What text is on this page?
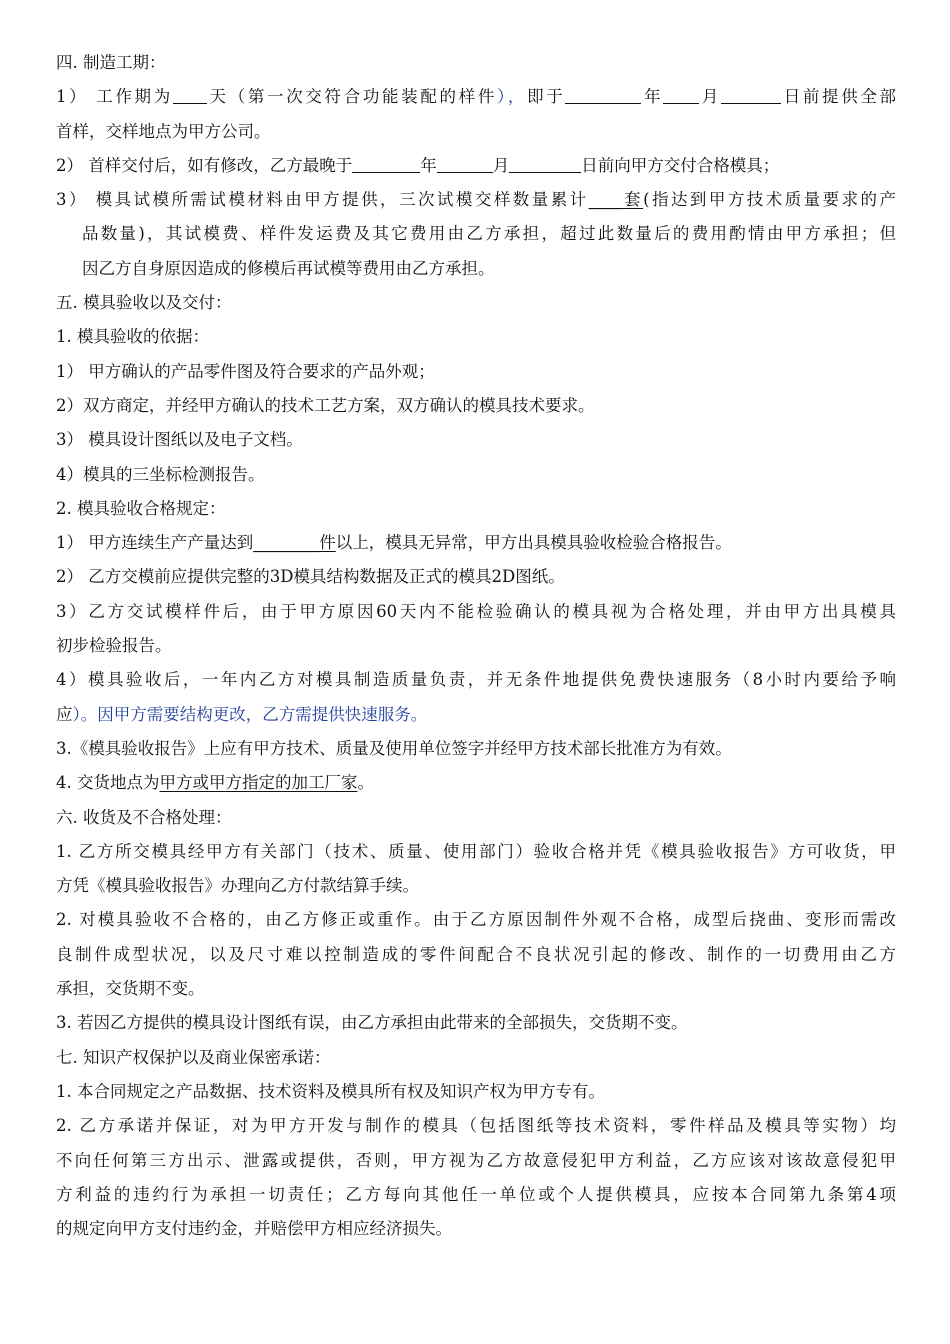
四. 制造工期：
1） 工作期为 天（第一次交符合功能装配的样件），即于	年 月	日前提供全部
首样，交样地点为甲方公司。
2） 首样交付后，如有修改，乙方最晚于	年	月	日前向甲方交付合格模具；
3） 模具试模所需试模材料由甲方提供，三次试模交样数量累计____套(指达到甲方技术质量要求的产
品数量)，其试模费、样件发运费及其它费用由乙方承担，超过此数量后的费用酌情由甲方承担；但
因乙方自身原因造成的修模后再试模等费用由乙方承担。
五. 模具验收以及交付：
1. 模具验收的依据：
1） 甲方确认的产品零件图及符合要求的产品外观；
2）双方商定，并经甲方确认的技术工艺方案，双方确认的模具技术要求。
3） 模具设计图纸以及电子文档。
4）模具的三坐标检测报告。
2. 模具验收合格规定：
1） 甲方连续生产产量达到________件以上，模具无异常，甲方出具模具验收检验合格报告。
2） 乙方交模前应提供完整的3D模具结构数据及正式的模具2D图纸。
3）乙方交试模样件后，由于甲方原因60天内不能检验确认的模具视为合格处理，并由甲方出具模具
初步检验报告。
4）模具验收后，一年内乙方对模具制造质量负责，并无条件地提供免费快速服务（8小时内要给予响
应）。因甲方需要结构更改，乙方需提供快速服务。
3.《模具验收报告》上应有甲方技术、质量及使用单位签字并经甲方技术部长批准方为有效。
4. 交货地点为甲方或甲方指定的加工厂家。
六. 收货及不合格处理：
1. 乙方所交模具经甲方有关部门（技术、质量、使用部门）验收合格并凭《模具验收报告》方可收货，甲
方凭《模具验收报告》办理向乙方付款结算手续。
2. 对模具验收不合格的，由乙方修正或重作。由于乙方原因制件外观不合格，成型后挠曲、变形而需改
良制件成型状况，以及尺寸难以控制造成的零件间配合不良状况引起的修改、制作的一切费用由乙方
承担，交货期不变。
3. 若因乙方提供的模具设计图纸有误，由乙方承担由此带来的全部损失，交货期不变。
七. 知识产权保护以及商业保密承诺：
1. 本合同规定之产品数据、技术资料及模具所有权及知识产权为甲方专有。
2. 乙方承诺并保证，对为甲方开发与制作的模具（包括图纸等技术资料，零件样品及模具等实物）均
不向任何第三方出示、泄露或提供，否则，甲方视为乙方故意侵犯甲方利益，乙方应该对该故意侵犯甲
方利益的违约行为承担一切责任；乙方每向其他任一单位或个人提供模具，应按本合同第九条第4项
的规定向甲方支付违约金，并赔偿甲方相应经济损失。
